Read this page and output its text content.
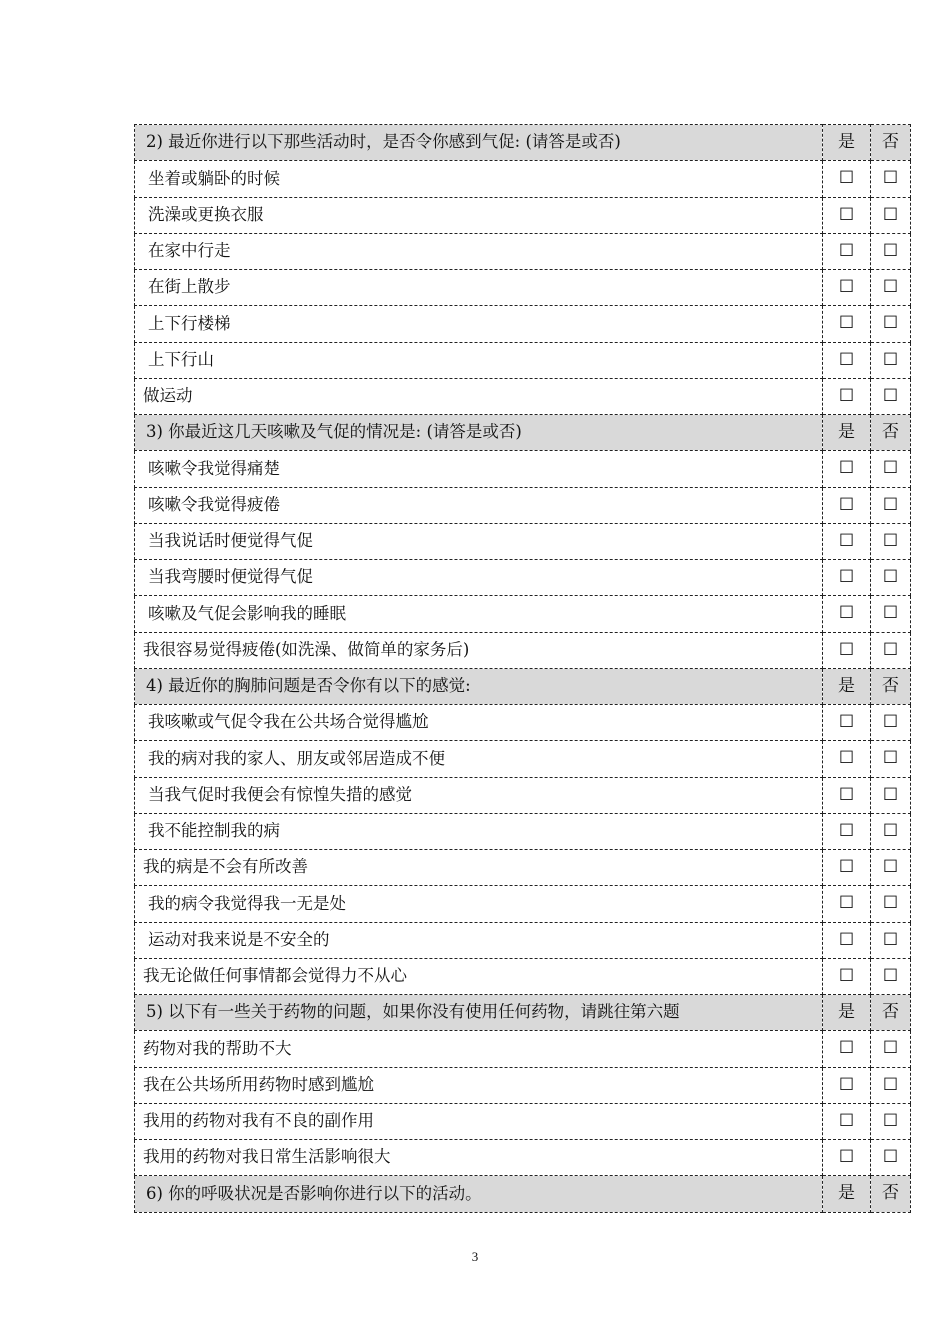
2) 最近你进行以下那些活动时，是否令你感到气促: (请答是或否)	是	否
坐着或躺卧的时候	☐	☐
洗澡或更换衣服	☐	☐
在家中行走	☐	☐
在街上散步	☐	☐
上下行楼梯	☐	☐
上下行山	☐	☐
做运动	☐	☐
3) 你最近这几天咳嗽及气促的情况是: (请答是或否)	是	否
咳嗽令我觉得痛楚	☐	☐
咳嗽令我觉得疲倦	☐	☐
当我说话时便觉得气促	☐	☐
当我弯腰时便觉得气促	☐	☐
咳嗽及气促会影响我的睡眠	☐	☐
我很容易觉得疲倦(如洗澡、做简单的家务后)	☐	☐
4) 最近你的胸肺问题是否令你有以下的感觉:	是	否
我咳嗽或气促令我在公共场合觉得尴尬	☐	☐
我的病对我的家人、朋友或邻居造成不便	☐	☐
当我气促时我便会有惊惶失措的感觉	☐	☐
我不能控制我的病	☐	☐
我的病是不会有所改善	☐	☐
我的病令我觉得我一无是处	☐	☐
运动对我来说是不安全的	☐	☐
我无论做任何事情都会觉得力不从心	☐	☐
5) 以下有一些关于药物的问题，如果你没有使用任何药物，请跳往第六题	是	否
药物对我的帮助不大	☐	☐
我在公共场所用药物时感到尴尬	☐	☐
我用的药物对我有不良的副作用	☐	☐
我用的药物对我日常生活影响很大	☐	☐
6) 你的呼吸状况是否影响你进行以下的活动。	是	否
3
